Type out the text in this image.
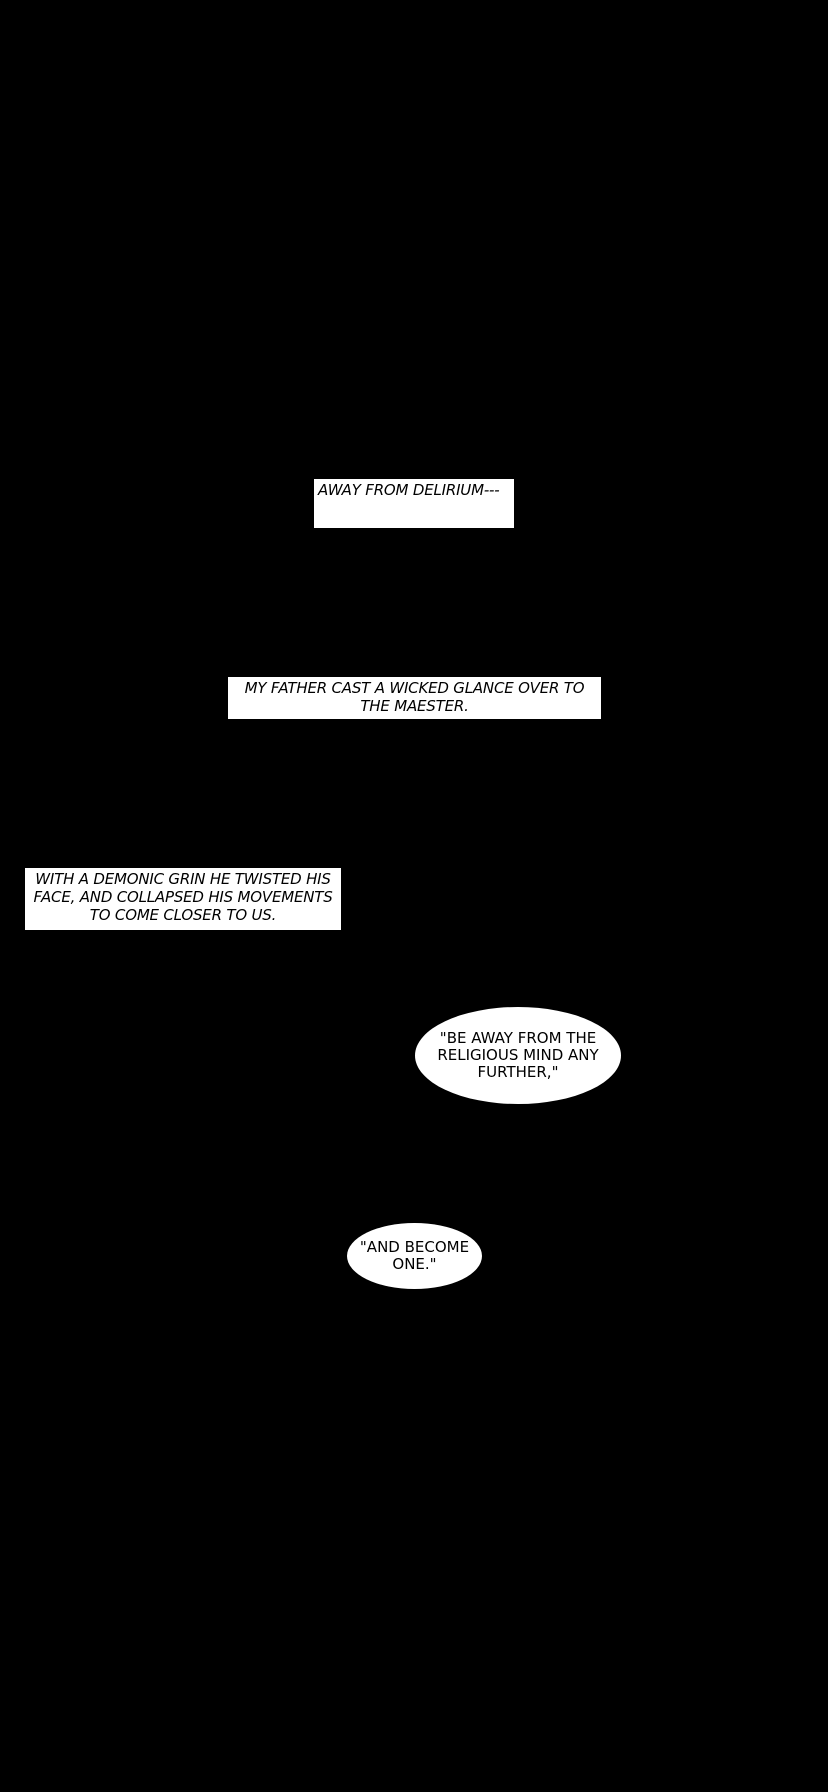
AWAY FROM DELIRIUM---
MY FATHER CAST A WICKED GLANCE OVER TO THE MAESTER.
WITH A DEMONIC GRIN HE TWISTED HIS FACE, AND COLLAPSED HIS MOVEMENTS TO COME CLOSER TO US.
"BE AWAY FROM THE RELIGIOUS MIND ANY FURTHER,"
"AND BECOME ONE."
